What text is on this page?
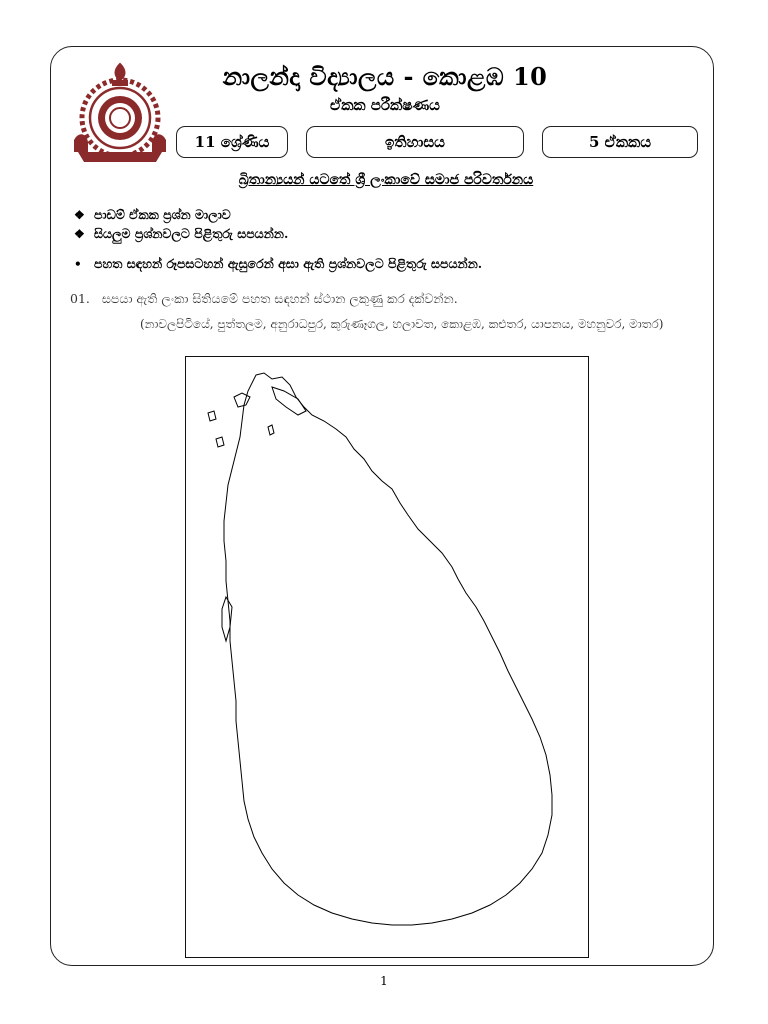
නාලන්දා විද්‍යාලය - කොළඹ 10
ඒකක පරීක්ෂණය
11 ශ්‍රේණිය	ඉතිහාසය	5 ඒකකය
බ්‍රිතාන්‍යයන් යටතේ ශ්‍රී ලංකාවේ සමාජ පරිවර්තනය
❖ පාඩම් ඒකක ප්‍රශ්න මාලාව
❖ සියලුම ප්‍රශ්නවලට පිළිතුරු සපයන්න.
• පහත සඳහන් රූපසටහන් ඇසුරෙන් අසා ඇති ප්‍රශ්නවලට පිළිතුරු සපයන්න.
01. සපයා ඇති ලංකා සිතියමේ පහත සඳහන් ස්ථාන ලකුණු කර දක්වන්න.
(නාවලපිටියේ, පුත්තලම, අනුරාධපුර, කුරුණෑගල, හලාවත, කොළඹ, කළුතර, යාපනය, මහනුවර, මාතර)
1
